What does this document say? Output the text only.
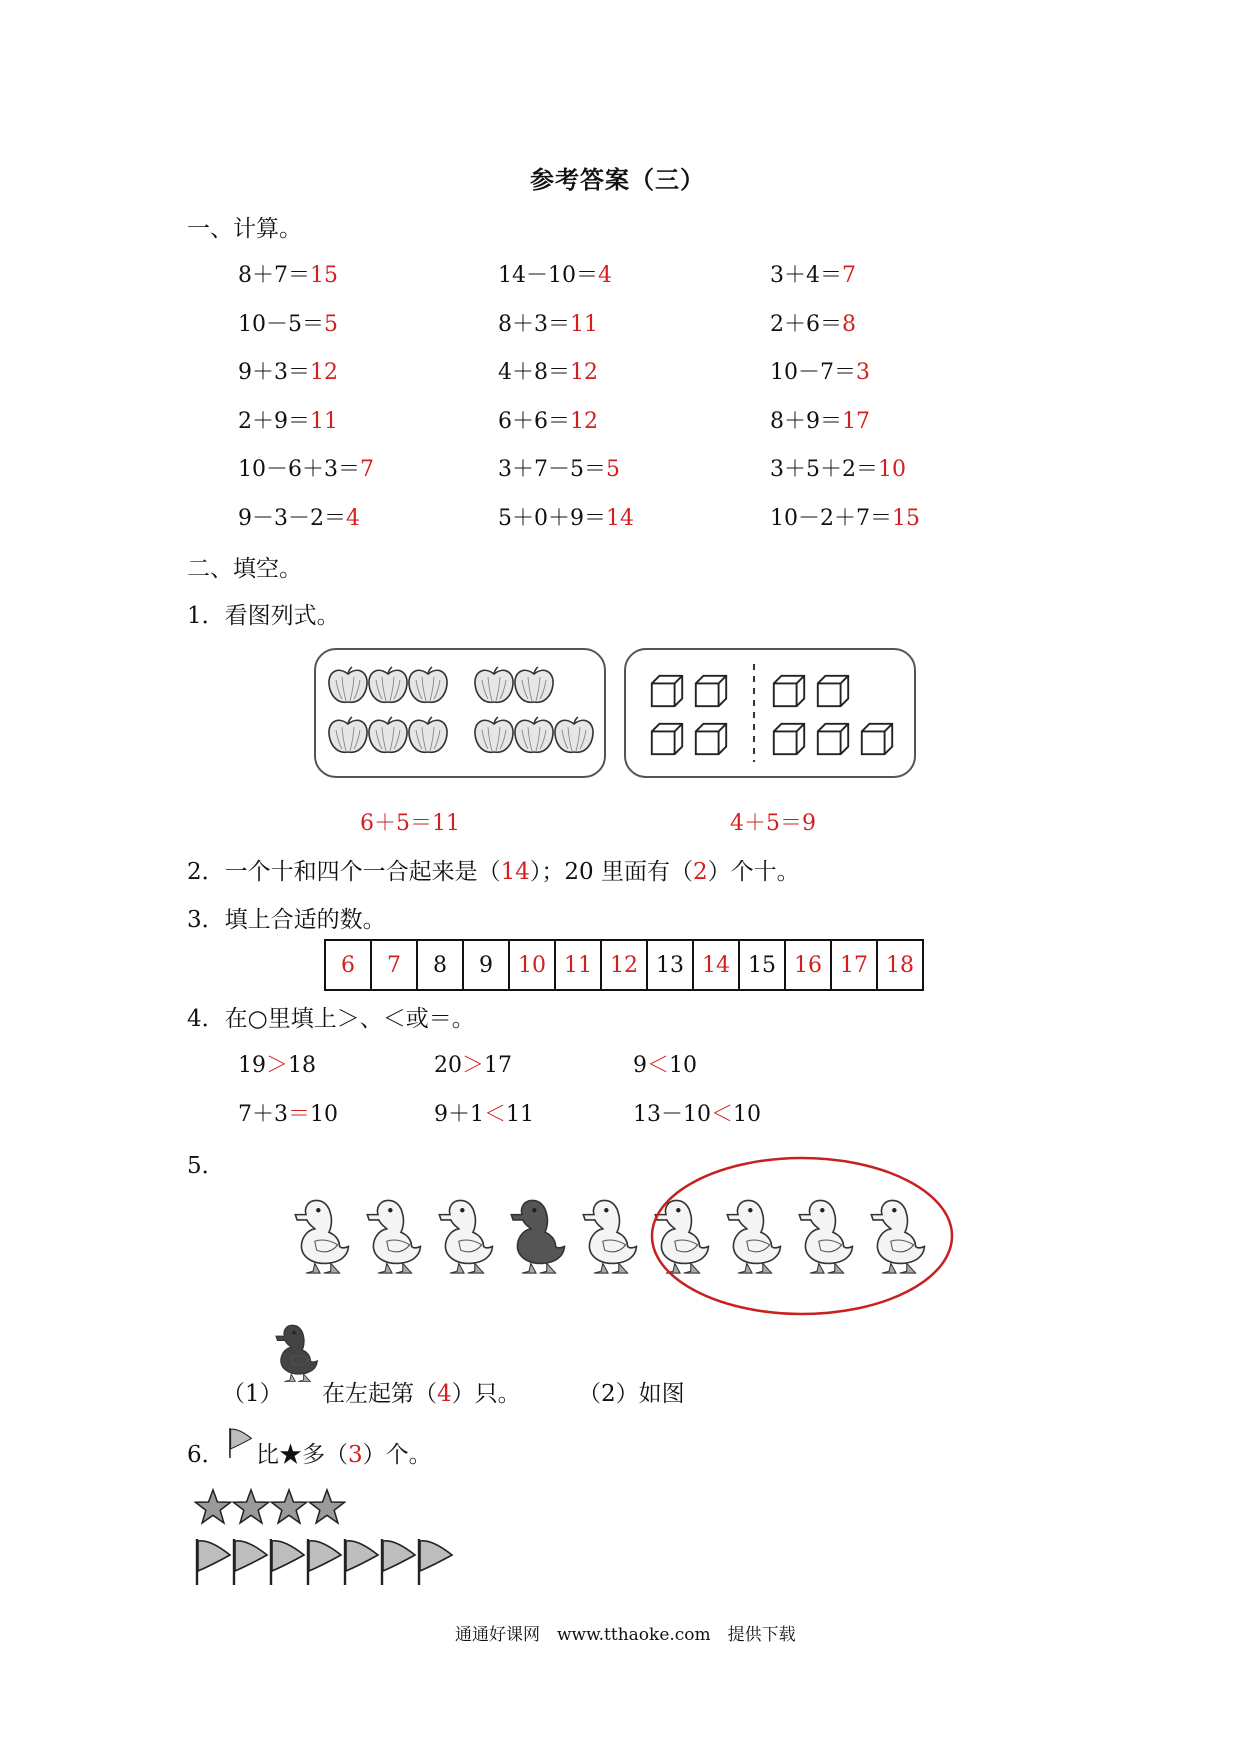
参考答案（三）
一、计算。
8＋7＝15	14－10＝4	3＋4＝7
10－5＝5	8＋3＝11	2＋6＝8
9＋3＝12	4＋8＝12	10－7＝3
2＋9＝11	6＋6＝12	8＋9＝17
10－6＋3＝7	3＋7－5＝5	3＋5＋2＝10
9－3－2＝4	5＋0＋9＝14	10－2＋7＝15
二、填空。
1．看图列式。
6＋5＝11	4＋5＝9
2．一个十和四个一合起来是（14）；20 里面有（2）个十。
3．填上合适的数。
6	7	8	9	10	11	12	13	14	15	16	17	18
4．在○里填上＞、＜或＝。
19＞18	20＞17	9＜10
7＋3＝10	9＋1＜11	13－10＜10
5．
（1） 在左起第（4）只。 （2）如图
6． 比★多（3）个。
通通好课网　www.tthaoke.com　提供下载
